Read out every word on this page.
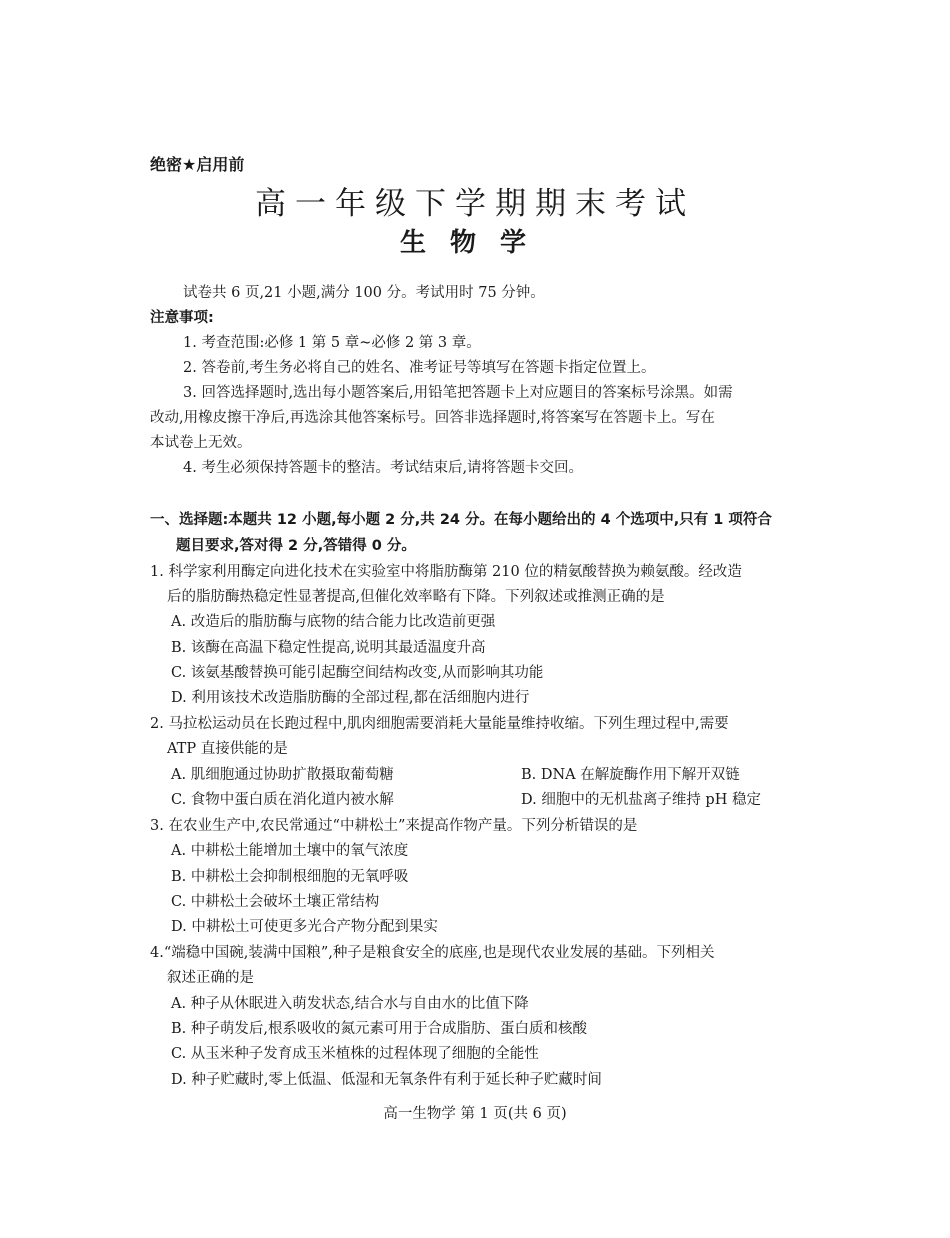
绝密★启用前
高一年级下学期期末考试
生物学
试卷共 6 页,21 小题,满分 100 分。考试用时 75 分钟。
注意事项:
1. 考查范围:必修 1 第 5 章~必修 2 第 3 章。
2. 答卷前,考生务必将自己的姓名、准考证号等填写在答题卡指定位置上。
3. 回答选择题时,选出每小题答案后,用铅笔把答题卡上对应题目的答案标号涂黑。如需
改动,用橡皮擦干净后,再选涂其他答案标号。回答非选择题时,将答案写在答题卡上。写在
本试卷上无效。
4. 考生必须保持答题卡的整洁。考试结束后,请将答题卡交回。
一、选择题:本题共 12 小题,每小题 2 分,共 24 分。在每小题给出的 4 个选项中,只有 1 项符合
题目要求,答对得 2 分,答错得 0 分。
1. 科学家利用酶定向进化技术在实验室中将脂肪酶第 210 位的精氨酸替换为赖氨酸。经改造
后的脂肪酶热稳定性显著提高,但催化效率略有下降。下列叙述或推测正确的是
A. 改造后的脂肪酶与底物的结合能力比改造前更强
B. 该酶在高温下稳定性提高,说明其最适温度升高
C. 该氨基酸替换可能引起酶空间结构改变,从而影响其功能
D. 利用该技术改造脂肪酶的全部过程,都在活细胞内进行
2. 马拉松运动员在长跑过程中,肌肉细胞需要消耗大量能量维持收缩。下列生理过程中,需要
ATP 直接供能的是
A. 肌细胞通过协助扩散摄取葡萄糖	B. DNA 在解旋酶作用下解开双链
C. 食物中蛋白质在消化道内被水解	D. 细胞中的无机盐离子维持 pH 稳定
3. 在农业生产中,农民常通过“中耕松土”来提高作物产量。下列分析错误的是
A. 中耕松土能增加土壤中的氧气浓度
B. 中耕松土会抑制根细胞的无氧呼吸
C. 中耕松土会破坏土壤正常结构
D. 中耕松土可使更多光合产物分配到果实
4.“端稳中国碗,装满中国粮”,种子是粮食安全的底座,也是现代农业发展的基础。下列相关
叙述正确的是
A. 种子从休眠进入萌发状态,结合水与自由水的比值下降
B. 种子萌发后,根系吸收的氮元素可用于合成脂肪、蛋白质和核酸
C. 从玉米种子发育成玉米植株的过程体现了细胞的全能性
D. 种子贮藏时,零上低温、低湿和无氧条件有利于延长种子贮藏时间
高一生物学 第 1 页(共 6 页)
